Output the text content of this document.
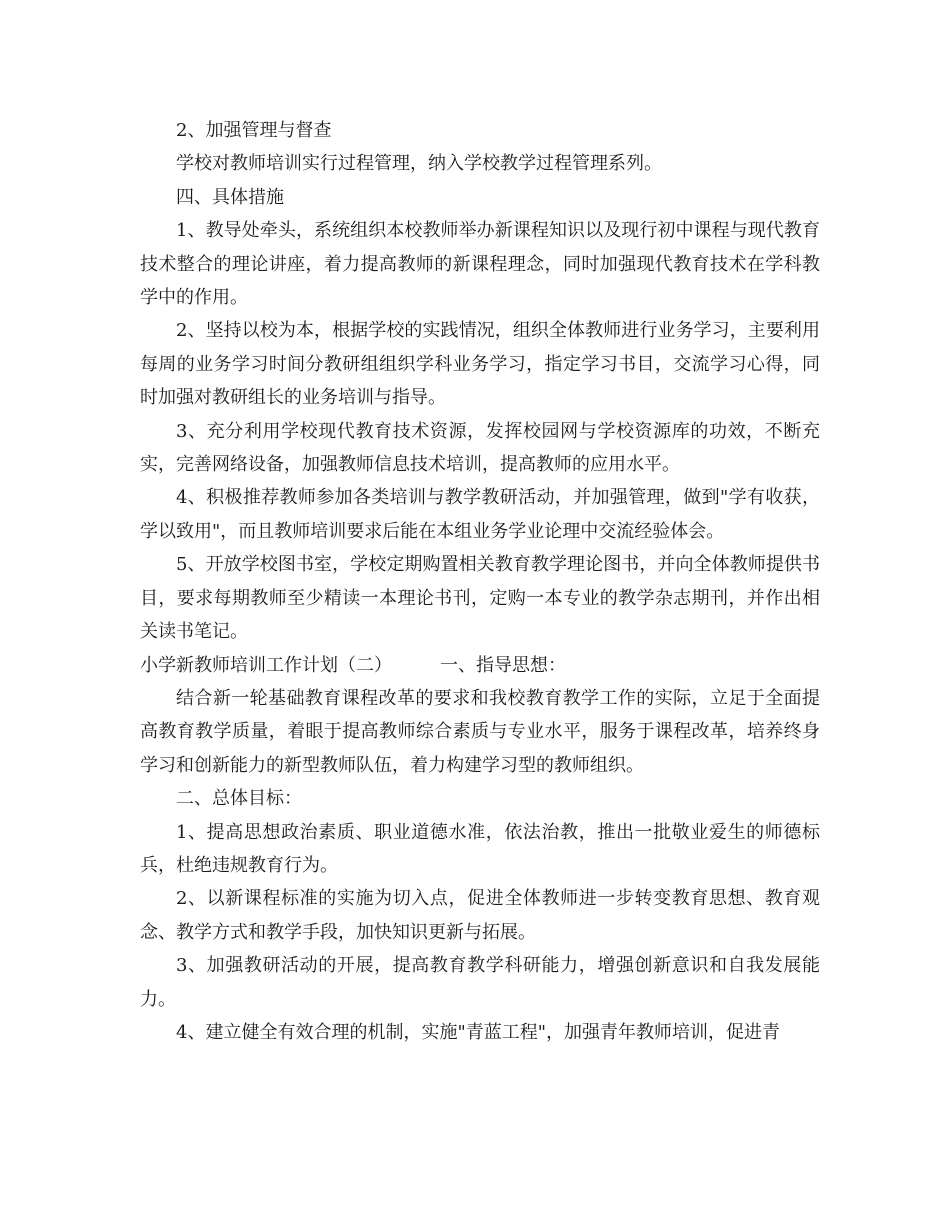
2、加强管理与督查

学校对教师培训实行过程管理，纳入学校教学过程管理系列。

四、具体措施

1、教导处牵头，系统组织本校教师举办新课程知识以及现行初中课程与现代教育技术整合的理论讲座，着力提高教师的新课程理念，同时加强现代教育技术在学科教学中的作用。

2、坚持以校为本，根据学校的实践情况，组织全体教师进行业务学习，主要利用每周的业务学习时间分教研组组织学科业务学习，指定学习书目，交流学习心得，同时加强对教研组长的业务培训与指导。

3、充分利用学校现代教育技术资源，发挥校园网与学校资源库的功效，不断充实，完善网络设备，加强教师信息技术培训，提高教师的应用水平。

4、积极推荐教师参加各类培训与教学教研活动，并加强管理，做到"学有收获，学以致用"，而且教师培训要求后能在本组业务学业论理中交流经验体会。

5、开放学校图书室，学校定期购置相关教育教学理论图书，并向全体教师提供书目，要求每期教师至少精读一本理论书刊，定购一本专业的教学杂志期刊，并作出相关读书笔记。

小学新教师培训工作计划（二）	一、指导思想：

结合新一轮基础教育课程改革的要求和我校教育教学工作的实际，立足于全面提高教育教学质量，着眼于提高教师综合素质与专业水平，服务于课程改革，培养终身学习和创新能力的新型教师队伍，着力构建学习型的教师组织。

二、总体目标：

1、提高思想政治素质、职业道德水准，依法治教，推出一批敬业爱生的师德标兵，杜绝违规教育行为。

2、以新课程标准的实施为切入点，促进全体教师进一步转变教育思想、教育观念、教学方式和教学手段，加快知识更新与拓展。

3、加强教研活动的开展，提高教育教学科研能力，增强创新意识和自我发展能力。

4、建立健全有效合理的机制，实施"青蓝工程"，加强青年教师培训，促进青
